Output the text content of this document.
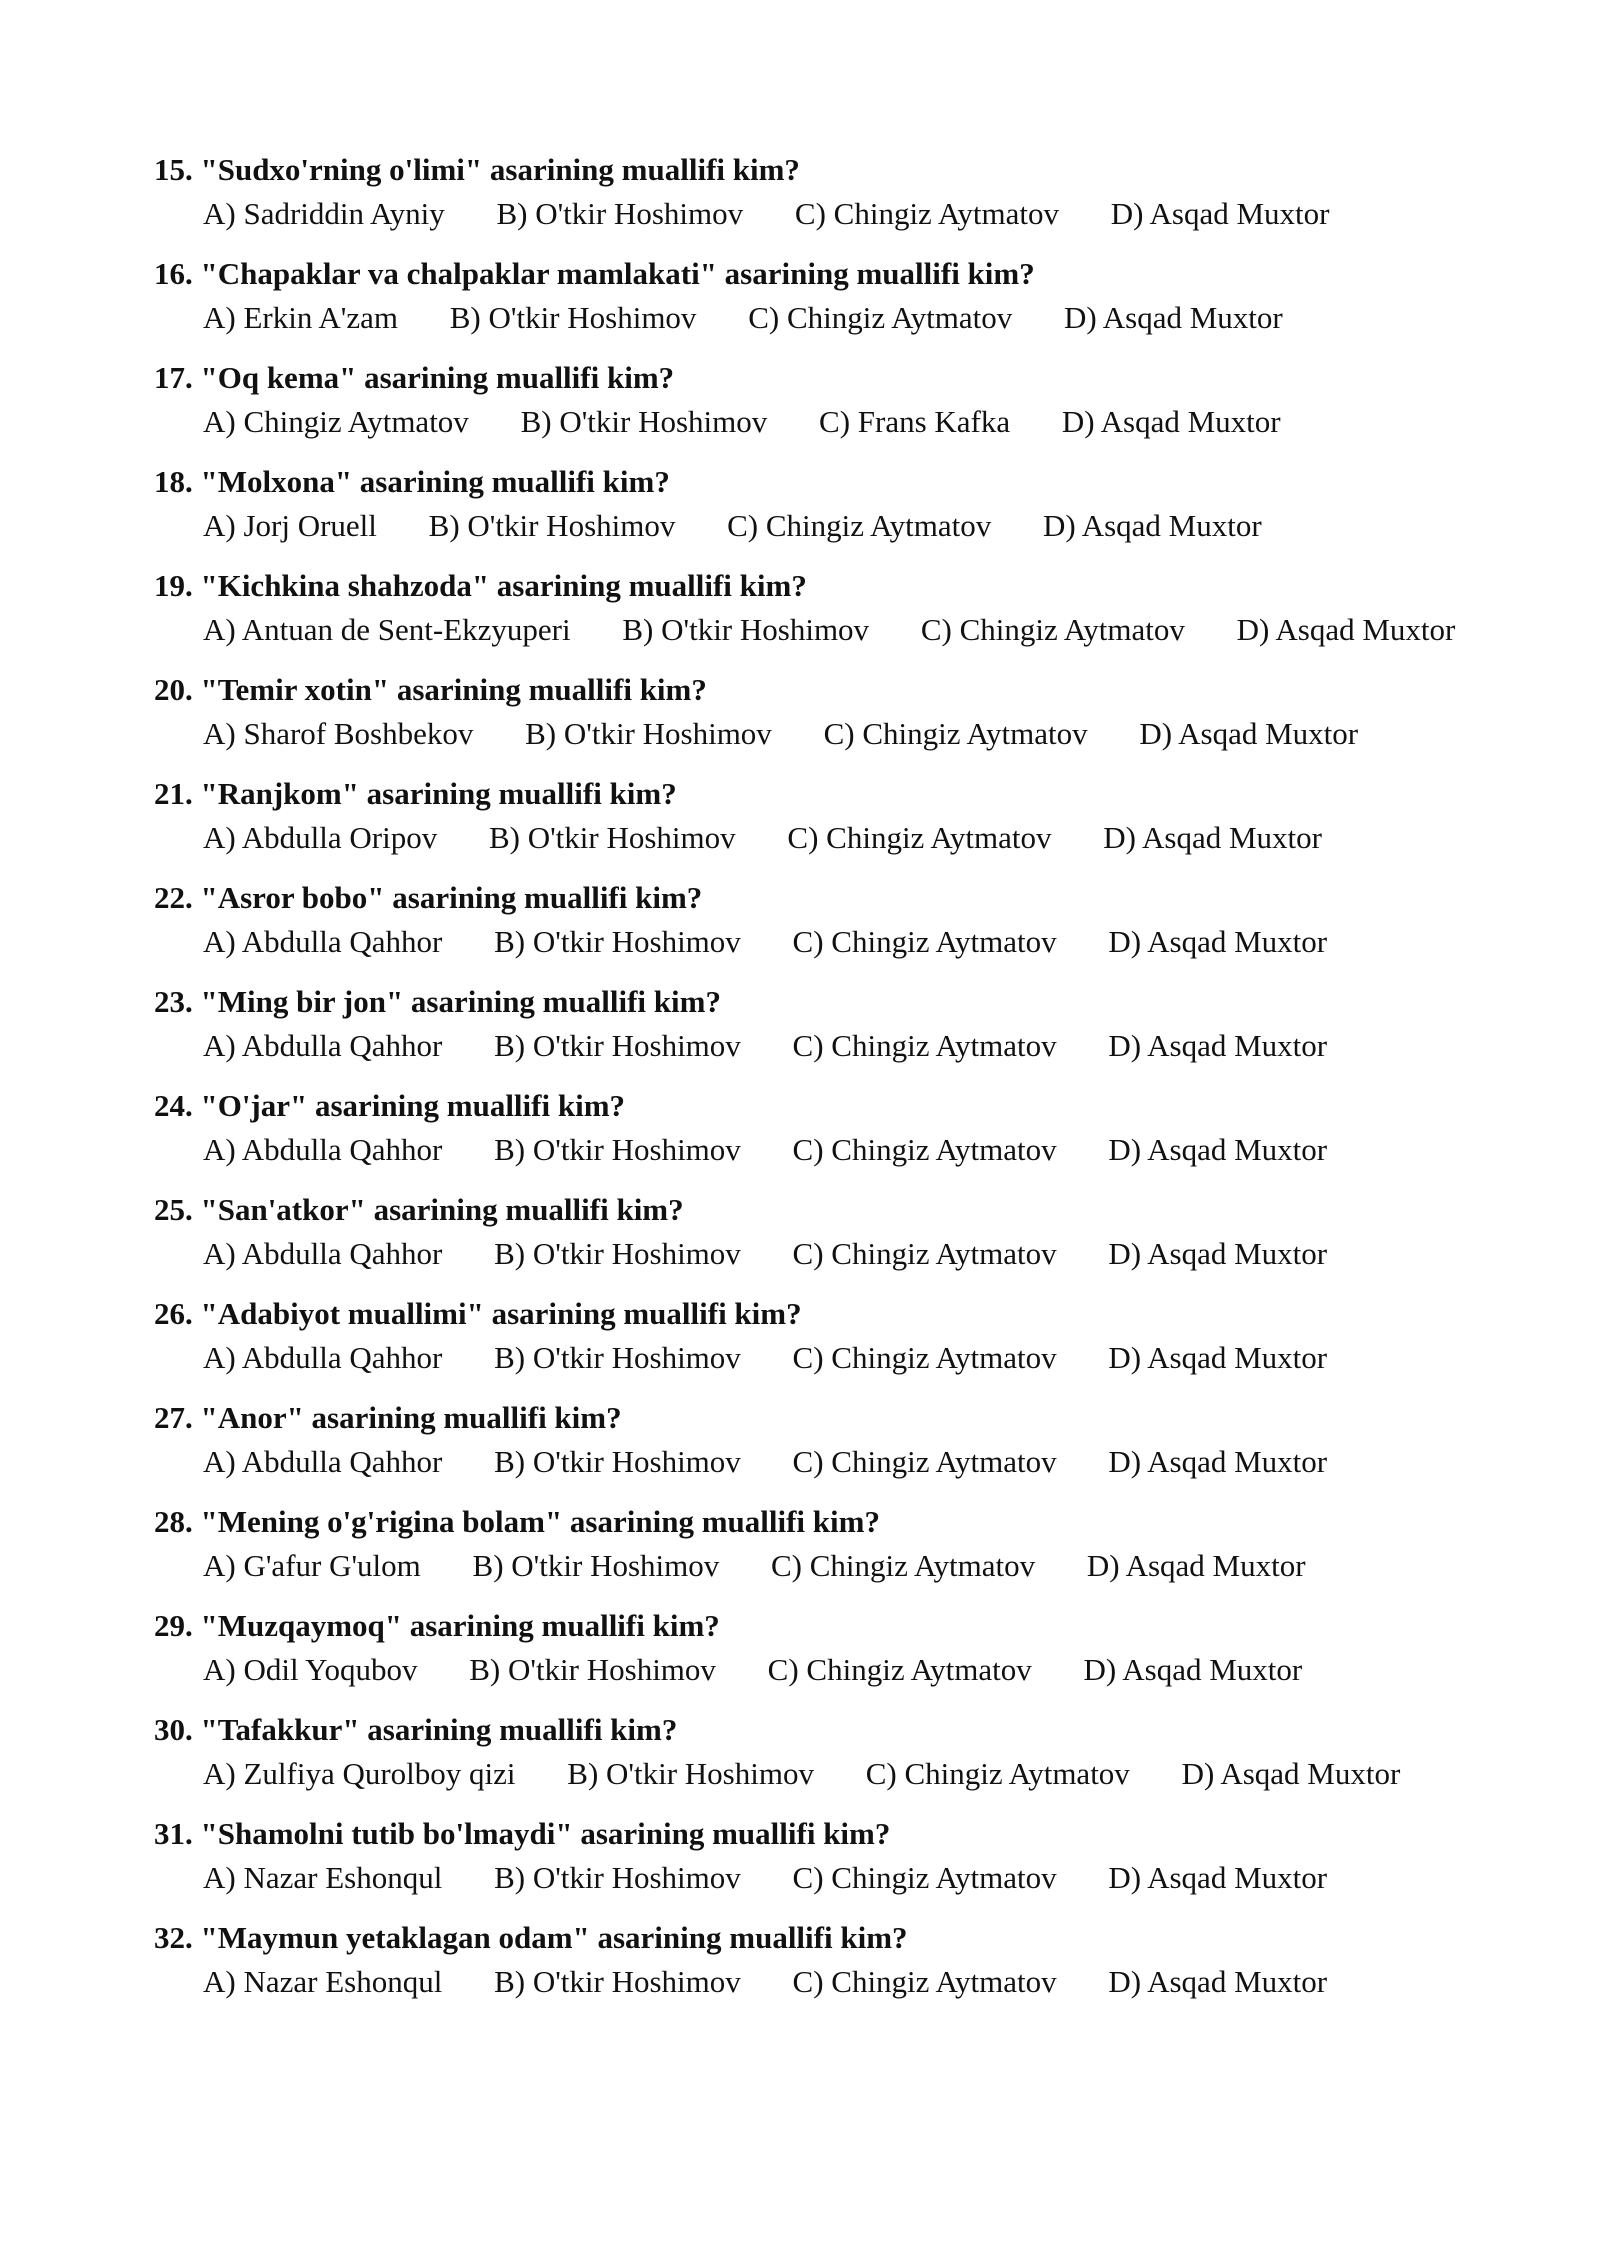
15. "Sudxo'rning o'limi" asarining muallifi kim?
A) Sadriddin Ayniy B) O'tkir Hoshimov C) Chingiz Aytmatov D) Asqad Muxtor
16. "Chapaklar va chalpaklar mamlakati" asarining muallifi kim?
A) Erkin A'zam B) O'tkir Hoshimov C) Chingiz Aytmatov D) Asqad Muxtor
17. "Oq kema" asarining muallifi kim?
A) Chingiz Aytmatov B) O'tkir Hoshimov C) Frans Kafka D) Asqad Muxtor
18. "Molxona" asarining muallifi kim?
A) Jorj Oruell B) O'tkir Hoshimov C) Chingiz Aytmatov D) Asqad Muxtor
19. "Kichkina shahzoda" asarining muallifi kim?
A) Antuan de Sent-Ekzyuperi B) O'tkir Hoshimov C) Chingiz Aytmatov D) Asqad Muxtor
20. "Temir xotin" asarining muallifi kim?
A) Sharof Boshbekov B) O'tkir Hoshimov C) Chingiz Aytmatov D) Asqad Muxtor
21. "Ranjkom" asarining muallifi kim?
A) Abdulla Oripov B) O'tkir Hoshimov C) Chingiz Aytmatov D) Asqad Muxtor
22. "Asror bobo" asarining muallifi kim?
A) Abdulla Qahhor B) O'tkir Hoshimov C) Chingiz Aytmatov D) Asqad Muxtor
23. "Ming bir jon" asarining muallifi kim?
A) Abdulla Qahhor B) O'tkir Hoshimov C) Chingiz Aytmatov D) Asqad Muxtor
24. "O'jar" asarining muallifi kim?
A) Abdulla Qahhor B) O'tkir Hoshimov C) Chingiz Aytmatov D) Asqad Muxtor
25. "San'atkor" asarining muallifi kim?
A) Abdulla Qahhor B) O'tkir Hoshimov C) Chingiz Aytmatov D) Asqad Muxtor
26. "Adabiyot muallimi" asarining muallifi kim?
A) Abdulla Qahhor B) O'tkir Hoshimov C) Chingiz Aytmatov D) Asqad Muxtor
27. "Anor" asarining muallifi kim?
A) Abdulla Qahhor B) O'tkir Hoshimov C) Chingiz Aytmatov D) Asqad Muxtor
28. "Mening o'g'rigina bolam" asarining muallifi kim?
A) G'afur G'ulom B) O'tkir Hoshimov C) Chingiz Aytmatov D) Asqad Muxtor
29. "Muzqaymoq" asarining muallifi kim?
A) Odil Yoqubov B) O'tkir Hoshimov C) Chingiz Aytmatov D) Asqad Muxtor
30. "Tafakkur" asarining muallifi kim?
A) Zulfiya Qurolboy qizi B) O'tkir Hoshimov C) Chingiz Aytmatov D) Asqad Muxtor
31. "Shamolni tutib bo'lmaydi" asarining muallifi kim?
A) Nazar Eshonqul B) O'tkir Hoshimov C) Chingiz Aytmatov D) Asqad Muxtor
32. "Maymun yetaklagan odam" asarining muallifi kim?
A) Nazar Eshonqul B) O'tkir Hoshimov C) Chingiz Aytmatov D) Asqad Muxtor
